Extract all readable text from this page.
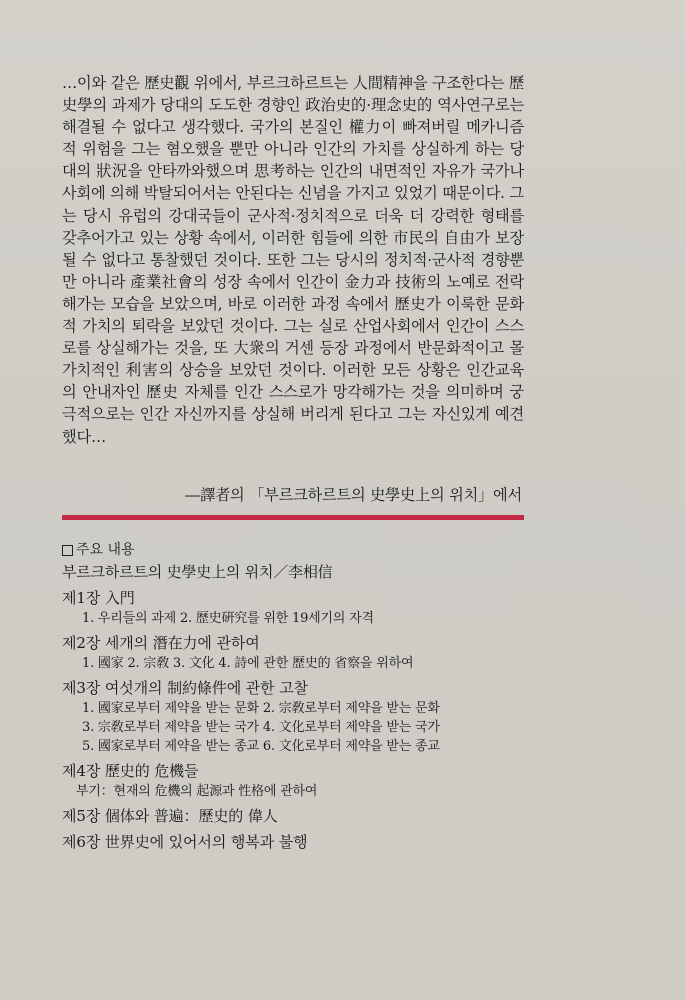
…이와 같은 歷史觀 위에서, 부르크하르트는 人間精神을 구조한다는 歷史學의 과제가 당대의 도도한 경향인 政治史的·理念史的 역사연구로는 해결될 수 없다고 생각했다. 국가의 본질인 權力이 빠져버릴 메카니즘적 위험을 그는 혐오했을 뿐만 아니라 인간의 가치를 상실하게 하는 당대의 狀況을 안타까와했으며 思考하는 인간의 내면적인 자유가 국가나 사회에 의해 박탈되어서는 안된다는 신념을 가지고 있었기 때문이다. 그는 당시 유럽의 강대국들이 군사적·정치적으로 더욱 더 강력한 형태를 갖추어가고 있는 상황 속에서, 이러한 힘들에 의한 市民의 自由가 보장될 수 없다고 통찰했던 것이다. 또한 그는 당시의 정치적·군사적 경향뿐만 아니라 產業社會의 성장 속에서 인간이 金力과 技術의 노예로 전락해가는 모습을 보았으며, 바로 이러한 과정 속에서 歷史가 이룩한 문화적 가치의 퇴락을 보았던 것이다. 그는 실로 산업사회에서 인간이 스스로를 상실해가는 것을, 또 大衆의 거센 등장 과정에서 반문화적이고 몰가치적인 利害의 상승을 보았던 것이다. 이러한 모든 상황은 인간교육의 안내자인 歷史 자체를 인간 스스로가 망각해가는 것을 의미하며 궁극적으로는 인간 자신까지를 상실해 버리게 된다고 그는 자신있게 예견했다…

―譯者의 「부르크하르트의 史學史上의 위치」에서
주요 내용
부르크하르트의 史學史上의 위치／李相信
제1장 入門
1. 우리들의 과제 2. 歷史硏究를 위한 19세기의 자격
제2장 세개의 潛在力에 관하여
1. 國家 2. 宗敎 3. 文化 4. 詩에 관한 歷史的 省察을 위하여
제3장 여섯개의 制約條件에 관한 고찰
1. 國家로부터 제약을 받는 문화 2. 宗敎로부터 제약을 받는 문화
3. 宗敎로부터 제약을 받는 국가 4. 文化로부터 제약을 받는 국가
5. 國家로부터 제약을 받는 종교 6. 文化로부터 제약을 받는 종교
제4장 歷史的 危機들
부기：현재의 危機의 起源과 性格에 관하여
제5장 個体와 普遍：歷史的 偉人
제6장 世界史에 있어서의 행복과 불행
